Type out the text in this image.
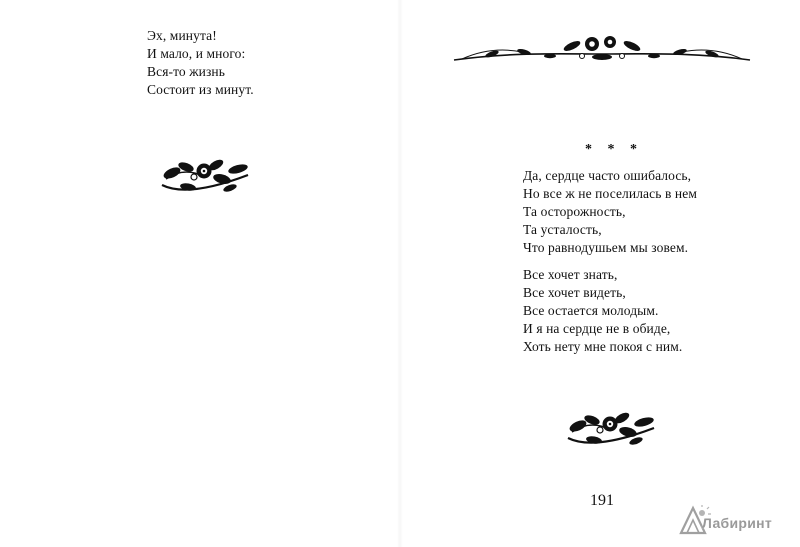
Эх, минута!
И мало, и много:
Вся-то жизнь
Состоит из минут.
* * *
Да, сердце часто ошибалось,
Но все ж не поселилась в нем
Та осторожность,
Та усталость,
Что равнодушьем мы зовем.
Все хочет знать,
Все хочет видеть,
Все остается молодым.
И я на сердце не в обиде,
Хоть нету мне покоя с ним.
191
Лабиринт
